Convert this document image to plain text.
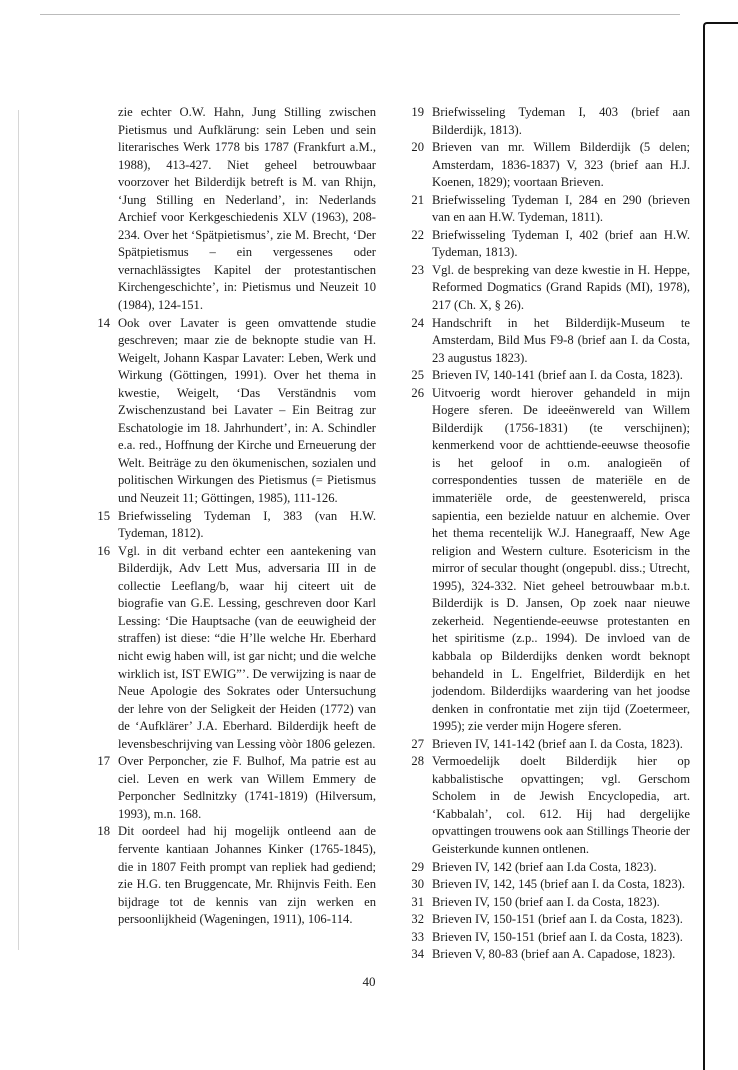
zie echter O.W. Hahn, Jung Stilling zwischen Pietismus und Aufklärung: sein Leben und sein literarisches Werk 1778 bis 1787 (Frankfurt a.M., 1988), 413-427. Niet geheel betrouwbaar voorzover het Bilderdijk betreft is M. van Rhijn, ‘Jung Stilling en Nederland’, in: Nederlands Archief voor Kerkgeschiedenis XLV (1963), 208-234. Over het ‘Spätpietismus’, zie M. Brecht, ‘Der Spätpietismus – ein vergessenes oder vernachlässigtes Kapitel der protestantischen Kirchengeschichte’, in: Pietismus und Neuzeit 10 (1984), 124-151.

14 Ook over Lavater is geen omvattende studie geschreven; maar zie de beknopte studie van H. Weigelt, Johann Kaspar Lavater: Leben, Werk und Wirkung (Göttingen, 1991). Over het thema in kwestie, Weigelt, ‘Das Verständnis vom Zwischenzustand bei Lavater – Ein Beitrag zur Eschatologie im 18. Jahrhundert’, in: A. Schindler e.a. red., Hoffnung der Kirche und Erneuerung der Welt. Beiträge zu den ökumenischen, sozialen und politischen Wirkungen des Pietismus (= Pietismus und Neuzeit 11; Göttingen, 1985), 111-126.

15 Briefwisseling Tydeman I, 383 (van H.W. Tydeman, 1812).

16 Vgl. in dit verband echter een aantekening van Bilderdijk, Adv Lett Mus, adversaria III in de collectie Leeflang/b, waar hij citeert uit de biografie van G.E. Lessing, geschreven door Karl Lessing: ‘Die Hauptsache (van de eeuwigheid der straffen) ist diese: “die H’lle welche Hr. Eberhard nicht ewig haben will, ist gar nicht; und die welche wirklich ist, IST EWIG”’. De verwijzing is naar de Neue Apologie des Sokrates oder Untersuchung der lehre von der Seligkeit der Heiden (1772) van de ‘Aufklärer’ J.A. Eberhard. Bilderdijk heeft de levensbeschrijving van Lessing vòòr 1806 gelezen.

17 Over Perponcher, zie F. Bulhof, Ma patrie est au ciel. Leven en werk van Willem Emmery de Perponcher Sedlnitzky (1741-1819) (Hilversum, 1993), m.n. 168.

18 Dit oordeel had hij mogelijk ontleend aan de fervente kantiaan Johannes Kinker (1765-1845), die in 1807 Feith prompt van repliek had gediend; zie H.G. ten Bruggencate, Mr. Rhijnvis Feith. Een bijdrage tot de kennis van zijn werken en persoonlijkheid (Wageningen, 1911), 106-114.

19 Briefwisseling Tydeman I, 403 (brief aan Bilderdijk, 1813).

20 Brieven van mr. Willem Bilderdijk (5 delen; Amsterdam, 1836-1837) V, 323 (brief aan H.J. Koenen, 1829); voortaan Brieven.

21 Briefwisseling Tydeman I, 284 en 290 (brieven van en aan H.W. Tydeman, 1811).

22 Briefwisseling Tydeman I, 402 (brief aan H.W. Tydeman, 1813).

23 Vgl. de bespreking van deze kwestie in H. Heppe, Reformed Dogmatics (Grand Rapids (MI), 1978), 217 (Ch. X, § 26).

24 Handschrift in het Bilderdijk-Museum te Amsterdam, Bild Mus F9-8 (brief aan I. da Costa, 23 augustus 1823).

25 Brieven IV, 140-141 (brief aan I. da Costa, 1823).

26 Uitvoerig wordt hierover gehandeld in mijn Hogere sferen. De ideeënwereld van Willem Bilderdijk (1756-1831) (te verschijnen); kenmerkend voor de achttiende-eeuwse theosofie is het geloof in o.m. analogieën of correspondenties tussen de materiële en de immateriële orde, de geestenwereld, prisca sapientia, een bezielde natuur en alchemie. Over het thema recentelijk W.J. Hanegraaff, New Age religion and Western culture. Esotericism in the mirror of secular thought (ongepubl. diss.; Utrecht, 1995), 324-332. Niet geheel betrouwbaar m.b.t. Bilderdijk is D. Jansen, Op zoek naar nieuwe zekerheid. Negentiende-eeuwse protestanten en het spiritisme (z.p.. 1994). De invloed van de kabbala op Bilderdijks denken wordt beknopt behandeld in L. Engelfriet, Bilderdijk en het jodendom. Bilderdijks waardering van het joodse denken in confrontatie met zijn tijd (Zoetermeer, 1995); zie verder mijn Hogere sferen.

27 Brieven IV, 141-142 (brief aan I. da Costa, 1823).

28 Vermoedelijk doelt Bilderdijk hier op kabbalistische opvattingen; vgl. Gerschom Scholem in de Jewish Encyclopedia, art. ‘Kabbalah’, col. 612. Hij had dergelijke opvattingen trouwens ook aan Stillings Theorie der Geisterkunde kunnen ontlenen.

29 Brieven IV, 142 (brief aan I.da Costa, 1823).

30 Brieven IV, 142, 145 (brief aan I. da Costa, 1823).

31 Brieven IV, 150 (brief aan I. da Costa, 1823).

32 Brieven IV, 150-151 (brief aan I. da Costa, 1823).

33 Brieven IV, 150-151 (brief aan I. da Costa, 1823).

34 Brieven V, 80-83 (brief aan A. Capadose, 1823).

40
